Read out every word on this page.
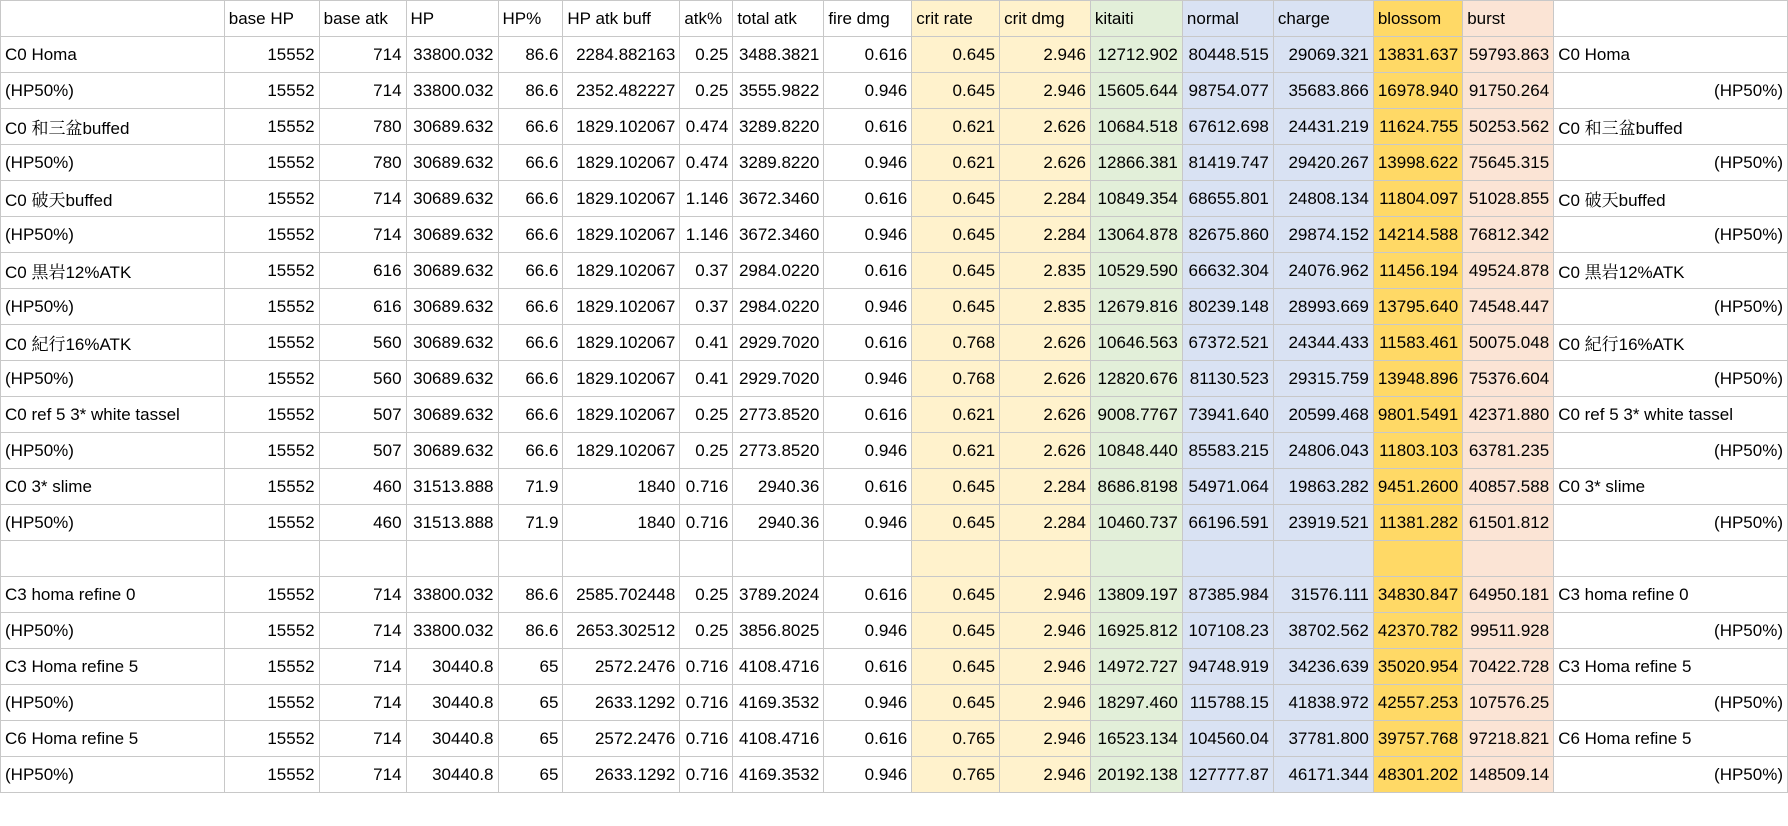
	base HP	base atk	HP	HP%	HP atk buff	atk%	total atk	fire dmg	crit rate	crit dmg	kitaiti	normal	charge	blossom	burst	
C0 Homa	15552	714	33800.032	86.6	2284.882163	0.25	3488.3821	0.616	0.645	2.946	12712.902	80448.515	29069.321	13831.637	59793.863	C0 Homa
(HP50%)	15552	714	33800.032	86.6	2352.482227	0.25	3555.9822	0.946	0.645	2.946	15605.644	98754.077	35683.866	16978.940	91750.264	(HP50%)
C0 和三盆buffed	15552	780	30689.632	66.6	1829.102067	0.474	3289.8220	0.616	0.621	2.626	10684.518	67612.698	24431.219	11624.755	50253.562	C0 和三盆buffed
(HP50%)	15552	780	30689.632	66.6	1829.102067	0.474	3289.8220	0.946	0.621	2.626	12866.381	81419.747	29420.267	13998.622	75645.315	(HP50%)
C0 破天buffed	15552	714	30689.632	66.6	1829.102067	1.146	3672.3460	0.616	0.645	2.284	10849.354	68655.801	24808.134	11804.097	51028.855	C0 破天buffed
(HP50%)	15552	714	30689.632	66.6	1829.102067	1.146	3672.3460	0.946	0.645	2.284	13064.878	82675.860	29874.152	14214.588	76812.342	(HP50%)
C0 黒岩12%ATK	15552	616	30689.632	66.6	1829.102067	0.37	2984.0220	0.616	0.645	2.835	10529.590	66632.304	24076.962	11456.194	49524.878	C0 黒岩12%ATK
(HP50%)	15552	616	30689.632	66.6	1829.102067	0.37	2984.0220	0.946	0.645	2.835	12679.816	80239.148	28993.669	13795.640	74548.447	(HP50%)
C0 紀行16%ATK	15552	560	30689.632	66.6	1829.102067	0.41	2929.7020	0.616	0.768	2.626	10646.563	67372.521	24344.433	11583.461	50075.048	C0 紀行16%ATK
(HP50%)	15552	560	30689.632	66.6	1829.102067	0.41	2929.7020	0.946	0.768	2.626	12820.676	81130.523	29315.759	13948.896	75376.604	(HP50%)
C0 ref 5 3* white tassel	15552	507	30689.632	66.6	1829.102067	0.25	2773.8520	0.616	0.621	2.626	9008.7767	73941.640	20599.468	9801.5491	42371.880	C0 ref 5 3* white tassel
(HP50%)	15552	507	30689.632	66.6	1829.102067	0.25	2773.8520	0.946	0.621	2.626	10848.440	85583.215	24806.043	11803.103	63781.235	(HP50%)
C0 3* slime	15552	460	31513.888	71.9	1840	0.716	2940.36	0.616	0.645	2.284	8686.8198	54971.064	19863.282	9451.2600	40857.588	C0 3* slime
(HP50%)	15552	460	31513.888	71.9	1840	0.716	2940.36	0.946	0.645	2.284	10460.737	66196.591	23919.521	11381.282	61501.812	(HP50%)

C3 homa refine 0	15552	714	33800.032	86.6	2585.702448	0.25	3789.2024	0.616	0.645	2.946	13809.197	87385.984	31576.111	34830.847	64950.181	C3 homa refine 0
(HP50%)	15552	714	33800.032	86.6	2653.302512	0.25	3856.8025	0.946	0.645	2.946	16925.812	107108.23	38702.562	42370.782	99511.928	(HP50%)
C3 Homa refine 5	15552	714	30440.8	65	2572.2476	0.716	4108.4716	0.616	0.645	2.946	14972.727	94748.919	34236.639	35020.954	70422.728	C3 Homa refine 5
(HP50%)	15552	714	30440.8	65	2633.1292	0.716	4169.3532	0.946	0.645	2.946	18297.460	115788.15	41838.972	42557.253	107576.25	(HP50%)
C6 Homa refine 5	15552	714	30440.8	65	2572.2476	0.716	4108.4716	0.616	0.765	2.946	16523.134	104560.04	37781.800	39757.768	97218.821	C6 Homa refine 5
(HP50%)	15552	714	30440.8	65	2633.1292	0.716	4169.3532	0.946	0.765	2.946	20192.138	127777.87	46171.344	48301.202	148509.14	(HP50%)
